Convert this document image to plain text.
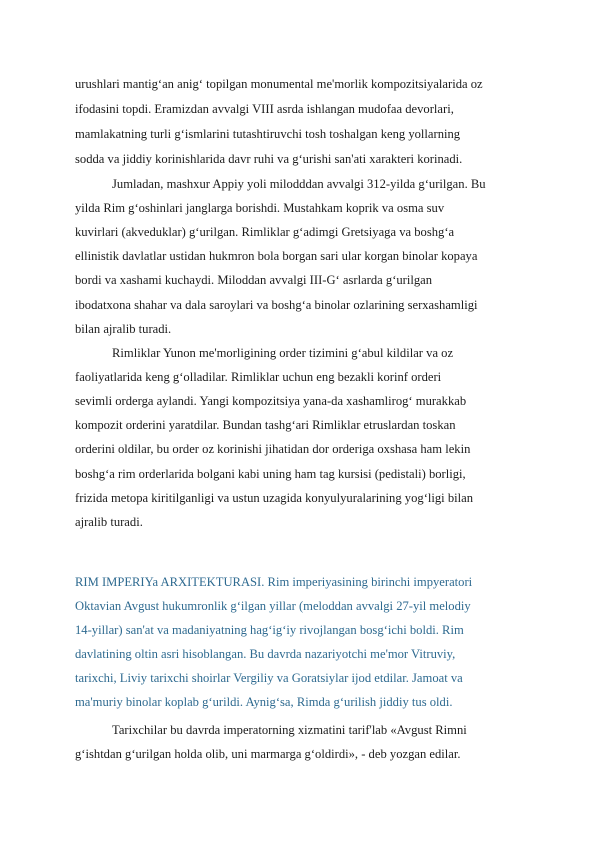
urushlari mantig‘an anig‘ topilgan monumental me'morlik kompozitsiyalarida oz

ifodasini topdi. Eramizdan avvalgi VIII asrda ishlangan mudofaa devorlari,

mamlakatning turli g‘ismlarini tutashtiruvchi tosh toshalgan keng yollarning

sodda va jiddiy korinishlarida davr ruhi va g‘urishi san'ati xarakteri korinadi.

Jumladan, mashxur Appiy yoli milodddan avvalgi 312-yilda g‘urilgan. Bu

yilda Rim g‘oshinlari janglarga borishdi. Mustahkam koprik va osma suv

kuvirlari (akveduklar) g‘urilgan. Rimliklar g‘adimgi Gretsiyaga va boshg‘a

ellinistik davlatlar ustidan hukmron bola borgan sari ular korgan binolar kopaya

bordi va xashami kuchaydi. Miloddan avvalgi III-G‘ asrlarda g‘urilgan

ibodatxona shahar va dala saroylari va boshg‘a binolar ozlarining serxashamligi

bilan ajralib turadi.

Rimliklar Yunon me'morligining order tizimini g‘abul kildilar va oz

faoliyatlarida keng g‘olladilar. Rimliklar uchun eng bezakli korinf orderi

sevimli orderga aylandi. Yangi kompozitsiya yana-da xashamlirog‘ murakkab

kompozit orderini yaratdilar. Bundan tashg‘ari Rimliklar etruslardan toskan

orderini oldilar, bu order oz korinishi jihatidan dor orderiga oxshasa ham lekin

boshg‘a rim orderlarida bolgani kabi uning ham tag kursisi (pedistali) borligi,

frizida metopa kiritilganligi va ustun uzagida konyulyuralarining yog‘ligi bilan

ajralib turadi.

RIM IMPERIYa ARXITEKTURASI. Rim imperiyasining birinchi impyeratori

Oktavian Avgust hukumronlik g‘ilgan yillar (meloddan avvalgi 27-yil melodiy

14-yillar) san'at va madaniyatning hag‘ig‘iy rivojlangan bosg‘ichi boldi. Rim

davlatining oltin asri hisoblangan. Bu davrda nazariyotchi me'mor Vitruviy,

tarixchi, Liviy tarixchi shoirlar Vergiliy va Goratsiylar ijod etdilar. Jamoat va

ma'muriy binolar koplab g‘urildi. Aynig‘sa, Rimda g‘urilish jiddiy tus oldi.

Tarixchilar bu davrda imperatorning xizmatini tarif'lab «Avgust Rimni

g‘ishtdan g‘urilgan holda olib, uni marmarga g‘oldirdi», - deb yozgan edilar.
